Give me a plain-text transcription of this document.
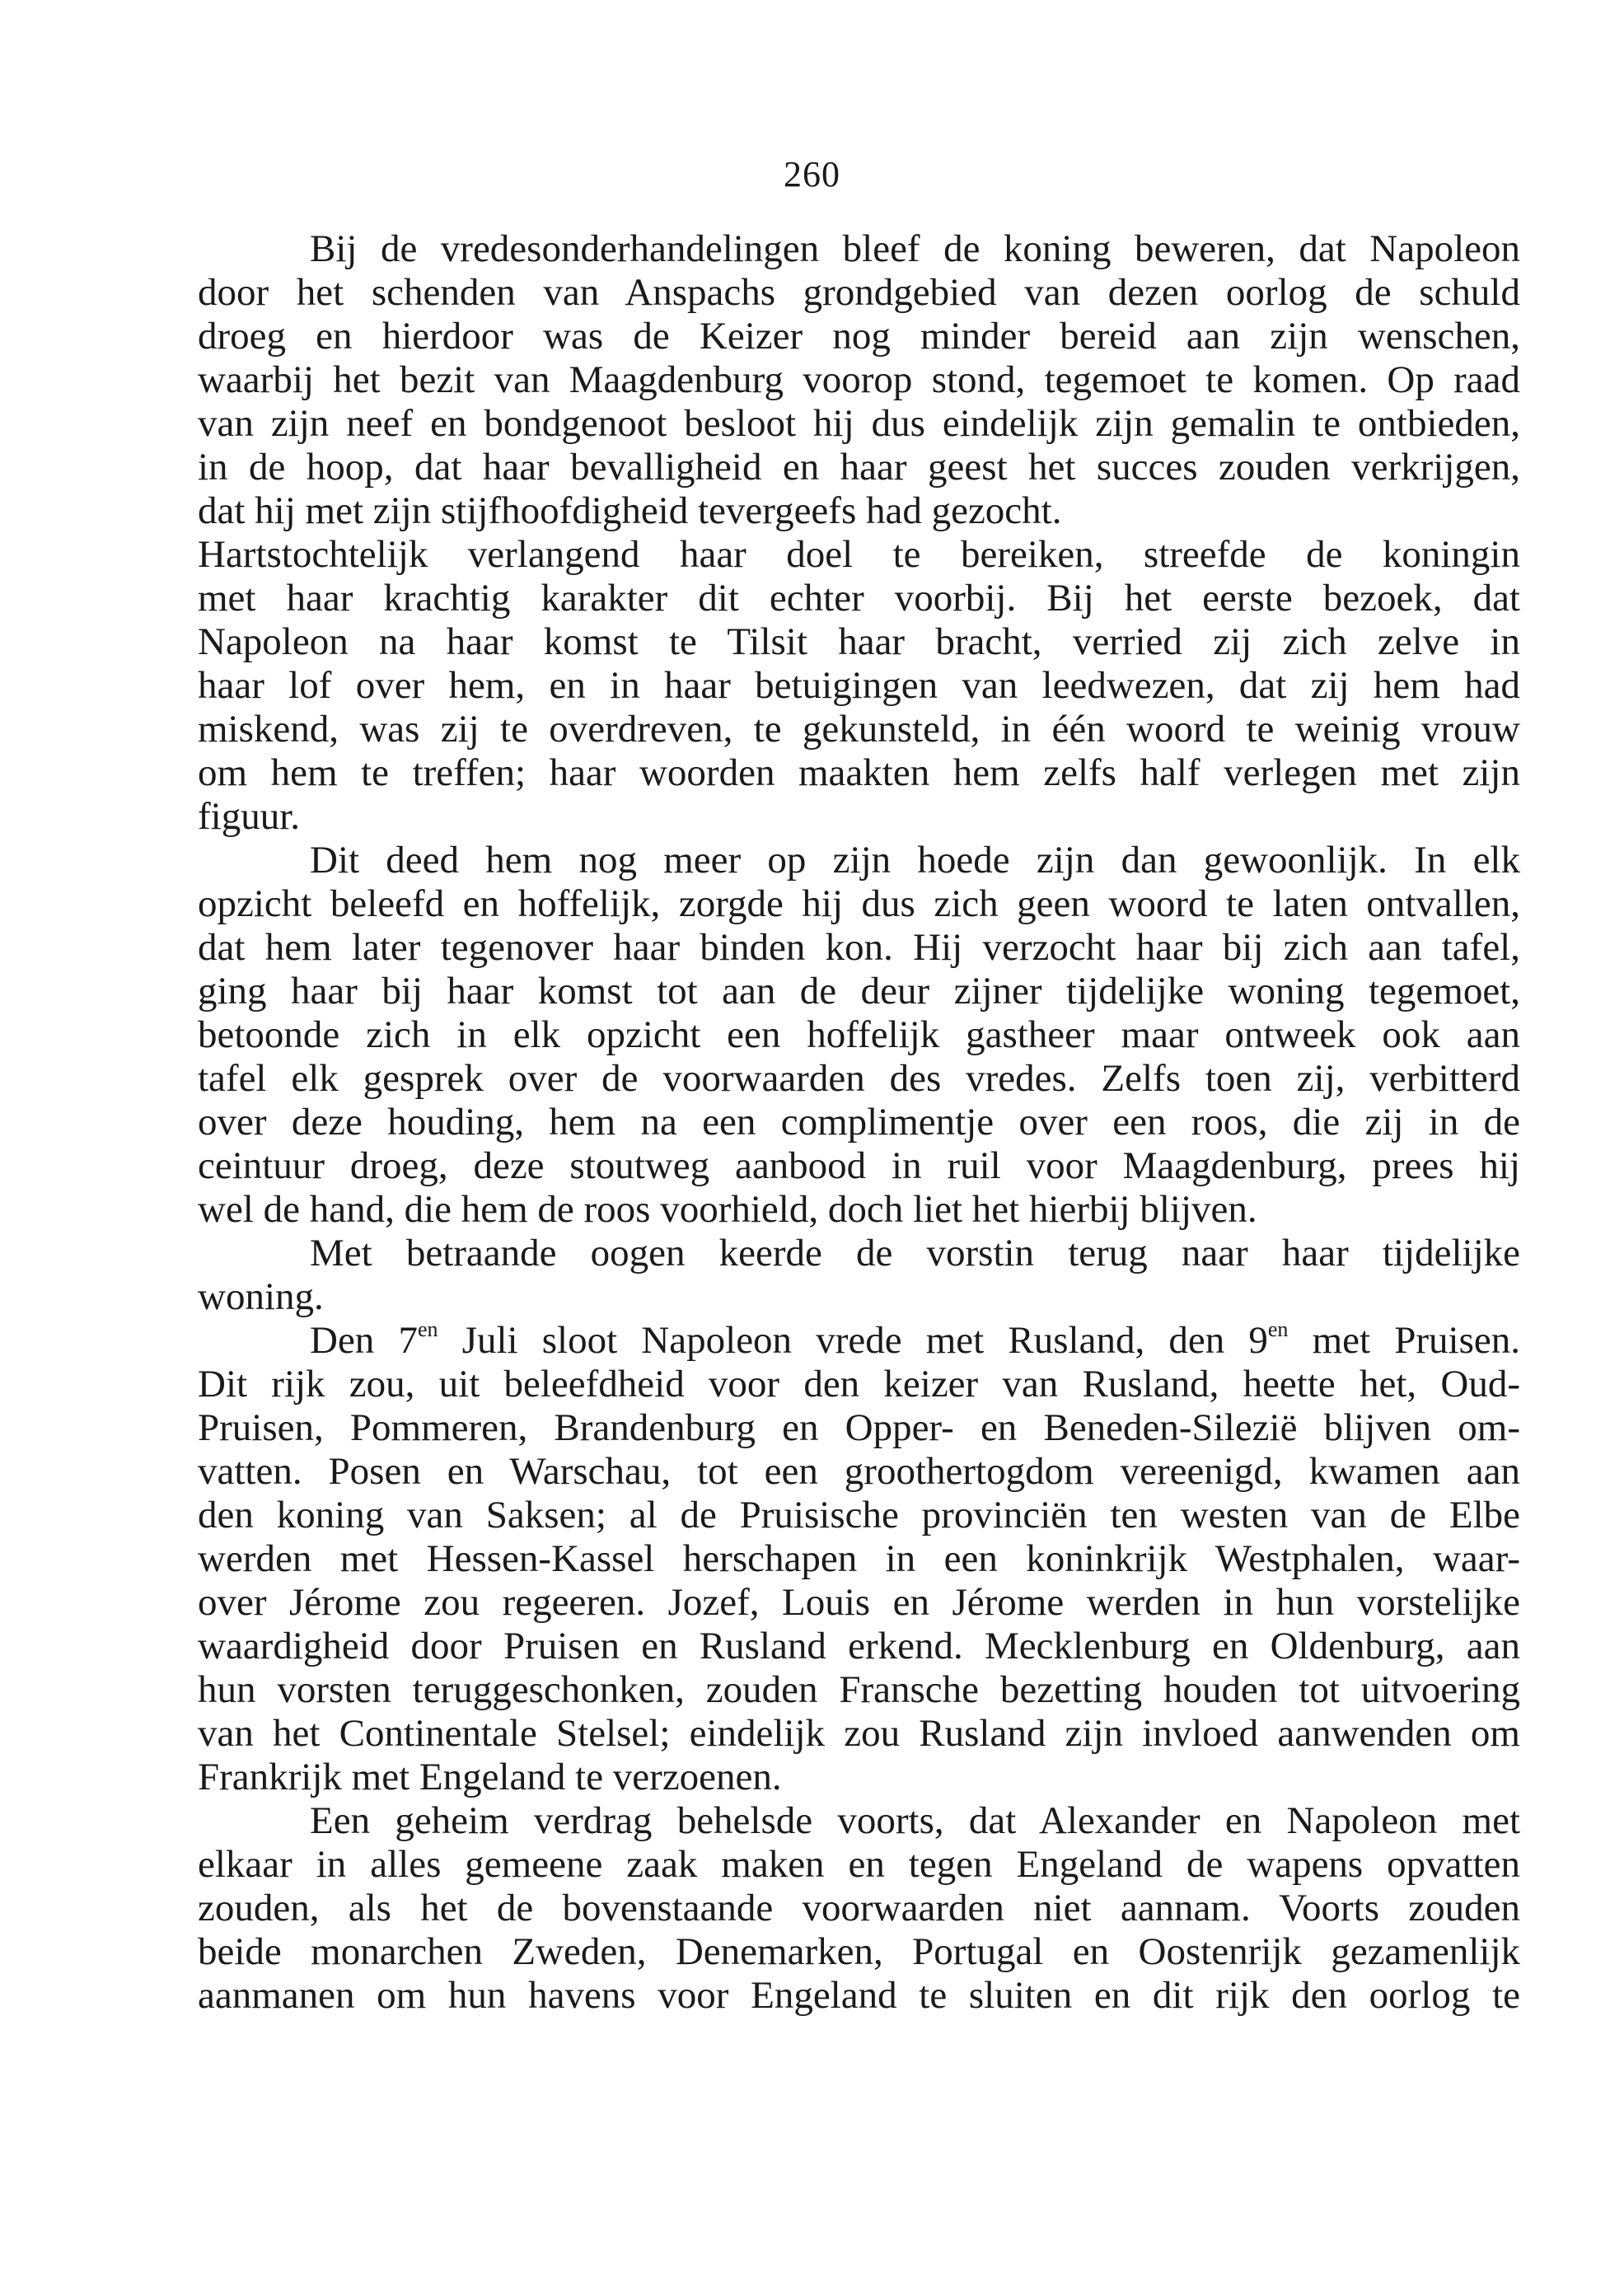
260
Bij de vredesonderhandelingen bleef de koning beweren, dat Napoleon
door het schenden van Anspachs grondgebied van dezen oorlog de schuld
droeg en hierdoor was de Keizer nog minder bereid aan zijn wenschen,
waarbij het bezit van Maagdenburg voorop stond, tegemoet te komen. Op raad
van zijn neef en bondgenoot besloot hij dus eindelijk zijn gemalin te ontbieden,
in de hoop, dat haar bevalligheid en haar geest het succes zouden verkrijgen,
dat hij met zijn stijfhoofdigheid tevergeefs had gezocht.
Hartstochtelijk verlangend haar doel te bereiken, streefde de koningin
met haar krachtig karakter dit echter voorbij. Bij het eerste bezoek, dat
Napoleon na haar komst te Tilsit haar bracht, verried zij zich zelve in
haar lof over hem, en in haar betuigingen van leedwezen, dat zij hem had
miskend, was zij te overdreven, te gekunsteld, in één woord te weinig vrouw
om hem te treffen; haar woorden maakten hem zelfs half verlegen met zijn
figuur.
Dit deed hem nog meer op zijn hoede zijn dan gewoonlijk. In elk
opzicht beleefd en hoffelijk, zorgde hij dus zich geen woord te laten ontvallen,
dat hem later tegenover haar binden kon. Hij verzocht haar bij zich aan tafel,
ging haar bij haar komst tot aan de deur zijner tijdelijke woning tegemoet,
betoonde zich in elk opzicht een hoffelijk gastheer maar ontweek ook aan
tafel elk gesprek over de voorwaarden des vredes. Zelfs toen zij, verbitterd
over deze houding, hem na een complimentje over een roos, die zij in de
ceintuur droeg, deze stoutweg aanbood in ruil voor Maagdenburg, prees hij
wel de hand, die hem de roos voorhield, doch liet het hierbij blijven.
Met betraande oogen keerde de vorstin terug naar haar tijdelijke
woning.
Den $7^{en}$ Juli sloot Napoleon vrede met Rusland, den $9^{en}$ met Pruisen.
Dit rijk zou, uit beleefdheid voor den keizer van Rusland, heette het, Oud-
Pruisen, Pommeren, Brandenburg en Opper- en Beneden-Silezië blijven om-
vatten. Posen en Warschau, tot een groothertogdom vereenigd, kwamen aan
den koning van Saksen; al de Pruisische provinciën ten westen van de Elbe
werden met Hessen-Kassel herschapen in een koninkrijk Westphalen, waar-
over Jérome zou regeeren. Jozef, Louis en Jérome werden in hun vorstelijke
waardigheid door Pruisen en Rusland erkend. Mecklenburg en Oldenburg, aan
hun vorsten teruggeschonken, zouden Fransche bezetting houden tot uitvoering
van het Continentale Stelsel; eindelijk zou Rusland zijn invloed aanwenden om
Frankrijk met Engeland te verzoenen.
Een geheim verdrag behelsde voorts, dat Alexander en Napoleon met
elkaar in alles gemeene zaak maken en tegen Engeland de wapens opvatten
zouden, als het de bovenstaande voorwaarden niet aannam. Voorts zouden
beide monarchen Zweden, Denemarken, Portugal en Oostenrijk gezamenlijk
aanmanen om hun havens voor Engeland te sluiten en dit rijk den oorlog te
